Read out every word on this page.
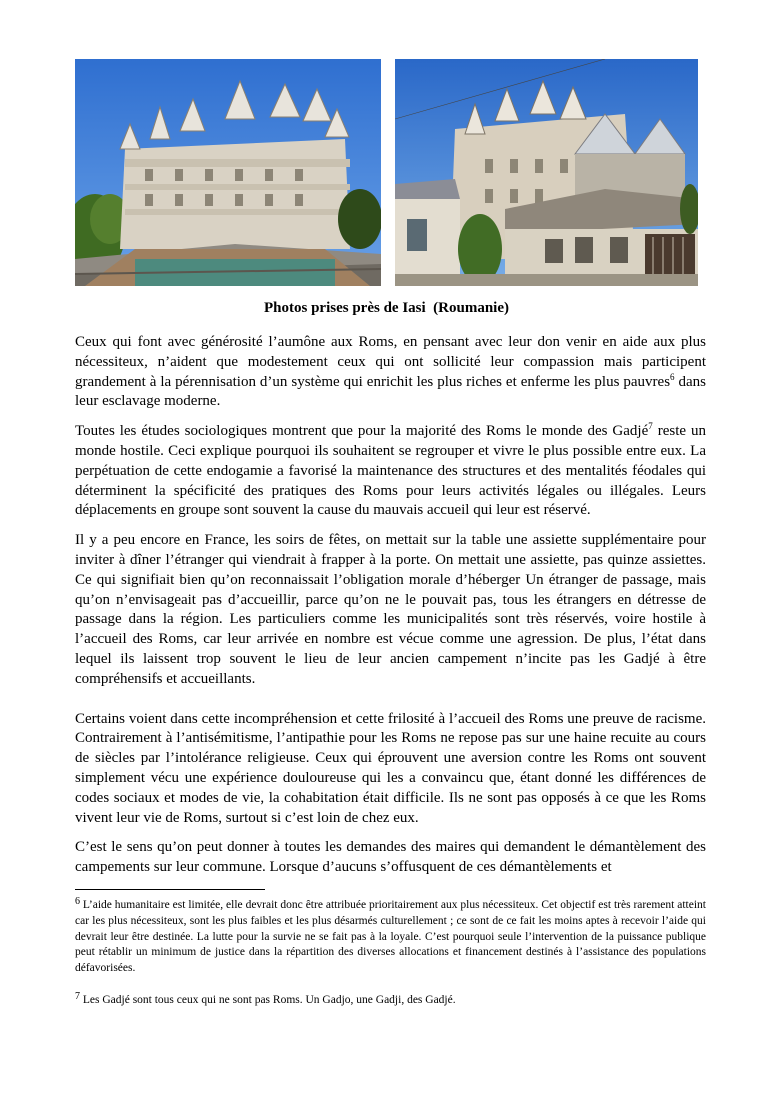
Photos prises près de Iasi  (Roumanie)

Ceux qui font avec générosité l’aumône aux Roms, en pensant avec leur don venir en aide aux plus nécessiteux, n’aident que modestement ceux qui ont sollicité leur compassion mais participent grandement à la pérennisation d’un système qui enrichit les plus riches et enferme les plus pauvres$^6$ dans leur esclavage moderne.

Toutes les études sociologiques montrent que pour la majorité des Roms le monde des Gadjé$^7$ reste un monde hostile. Ceci explique pourquoi ils souhaitent se regrouper et vivre le plus possible entre eux. La perpétuation de cette endogamie a favorisé la maintenance des structures et des mentalités féodales qui déterminent la spécificité des pratiques des Roms pour leurs activités légales ou illégales. Leurs déplacements en groupe sont souvent la cause du mauvais accueil qui leur est réservé.

Il y a peu encore en France, les soirs de fêtes, on mettait sur la table une assiette supplémentaire pour inviter à dîner l’étranger qui viendrait à frapper à la porte. On mettait une assiette, pas quinze assiettes. Ce qui signifiait bien qu’on reconnaissait l’obligation morale d’héberger Un étranger de passage, mais qu’on n’envisageait pas d’accueillir, parce qu’on ne le pouvait pas, tous les étrangers en détresse de passage dans la région. Les particuliers comme les municipalités sont très réservés, voire hostile à l’accueil des Roms, car leur arrivée en nombre est vécue comme une agression. De plus, l’état dans lequel ils laissent trop souvent le lieu de leur ancien campement n’incite pas les Gadjé à être compréhensifs et accueillants.

Certains voient dans cette incompréhension et cette frilosité à l’accueil des Roms une preuve de racisme. Contrairement à l’antisémitisme, l’antipathie pour les Roms ne repose pas sur une haine recuite au cours de siècles par l’intolérance religieuse. Ceux qui éprouvent une aversion contre les Roms ont souvent simplement vécu une expérience douloureuse qui les a convaincu que, étant donné les différences de codes sociaux et modes de vie, la cohabitation était difficile. Ils ne sont pas opposés à ce que les Roms vivent leur vie de Roms, surtout si c’est loin de chez eux.

C’est le sens qu’on peut donner à toutes les demandes des maires qui demandent le démantèlement des campements sur leur commune. Lorsque d’aucuns s’offusquent de ces démantèlements et

$^6$ L’aide humanitaire est limitée, elle devrait donc être attribuée prioritairement aux plus nécessiteux. Cet objectif est très rarement atteint car les plus nécessiteux, sont les plus faibles et les plus désarmés culturellement ; ce sont de ce fait les moins aptes à recevoir l’aide qui devrait leur être destinée. La lutte pour la survie ne se fait pas à la loyale. C’est pourquoi seule l’intervention de la puissance publique peut rétablir un minimum de justice dans la répartition des diverses allocations et financement destinés à l’assistance des populations défavorisées.

$^7$ Les Gadjé sont tous ceux qui ne sont pas Roms. Un Gadjo, une Gadji, des Gadjé.
